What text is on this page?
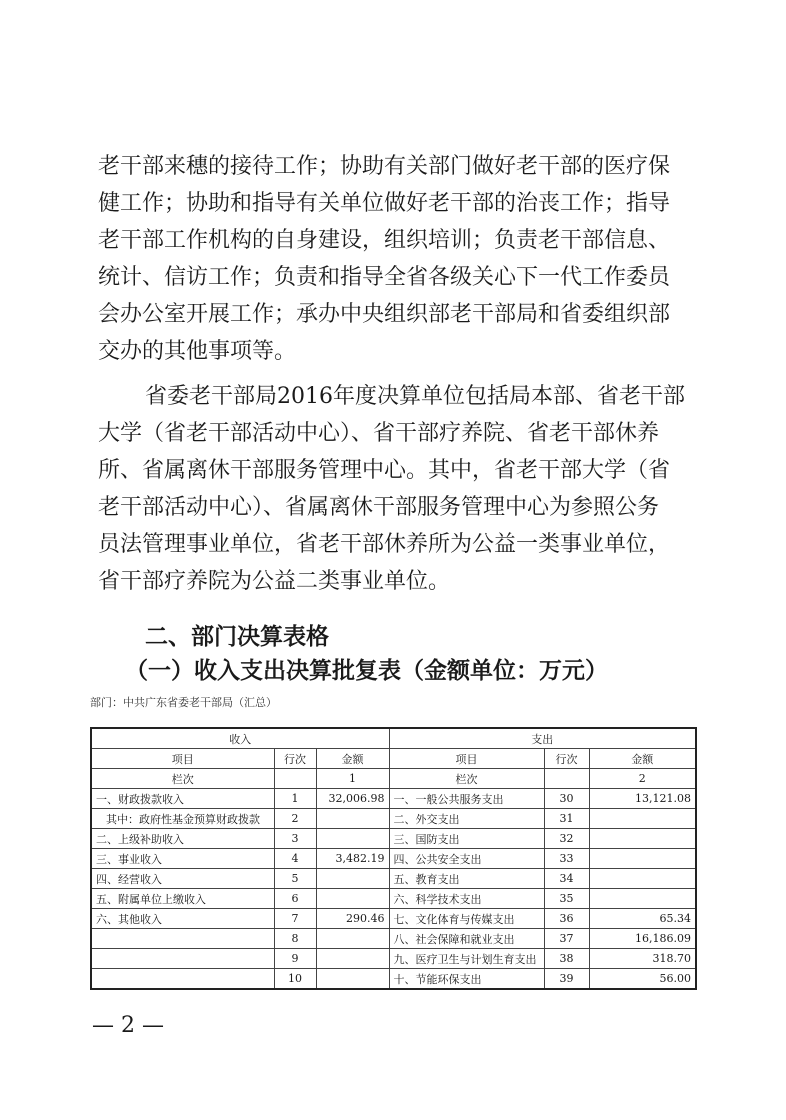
老干部来穗的接待工作；协助有关部门做好老干部的医疗保
健工作；协助和指导有关单位做好老干部的治丧工作；指导
老干部工作机构的自身建设，组织培训；负责老干部信息、
统计、信访工作；负责和指导全省各级关心下一代工作委员
会办公室开展工作；承办中央组织部老干部局和省委组织部
交办的其他事项等。
省委老干部局2016年度决算单位包括局本部、省老干部
大学（省老干部活动中心）、省干部疗养院、省老干部休养
所、省属离休干部服务管理中心。其中，省老干部大学（省
老干部活动中心）、省属离休干部服务管理中心为参照公务
员法管理事业单位，省老干部休养所为公益一类事业单位，
省干部疗养院为公益二类事业单位。
二、部门决算表格
（一）收入支出决算批复表（金额单位：万元）
部门：中共广东省委老干部局（汇总）
收入			支出		
项目	行次	金额	项目	行次	金额
栏次		1	栏次		2
一、财政拨款收入	1	32,006.98	一、一般公共服务支出	30	13,121.08
其中：政府性基金预算财政拨款	2		二、外交支出	31	
二、上级补助收入	3		三、国防支出	32	
三、事业收入	4	3,482.19	四、公共安全支出	33	
四、经营收入	5		五、教育支出	34	
五、附属单位上缴收入	6		六、科学技术支出	35	
六、其他收入	7	290.46	七、文化体育与传媒支出	36	65.34
	8		八、社会保障和就业支出	37	16,186.09
	9		九、医疗卫生与计划生育支出	38	318.70
	10		十、节能环保支出	39	56.00
— 2 —
